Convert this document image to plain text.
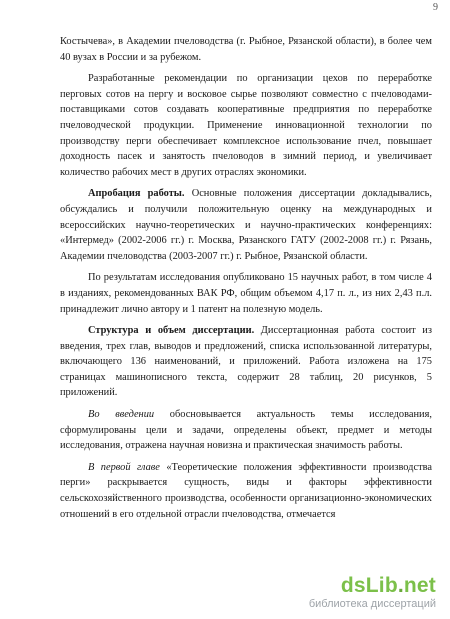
9

Костычева», в Академии пчеловодства (г. Рыбное, Рязанской области), в более чем 40 вузах в России и за рубежом.

Разработанные рекомендации по организации цехов по переработке перговых сотов на пергу и восковое сырье позволяют совместно с пчеловодами-поставщиками сотов создавать кооперативные предприятия по переработке пчеловодческой продукции. Применение инновационной технологии по производству перги обеспечивает комплексное использование пчел, повышает доходность пасек и занятость пчеловодов в зимний период, и увеличивает количество рабочих мест в других отраслях экономики.

Апробация работы. Основные положения диссертации докладывались, обсуждались и получили положительную оценку на международных и всероссийских научно-теоретических и научно-практических конференциях: «Интермед» (2002-2006 гг.) г. Москва, Рязанского ГАТУ (2002-2008 гг.) г. Рязань, Академии пчеловодства (2003-2007 гг.) г. Рыбное, Рязанской области.

По результатам исследования опубликовано 15 научных работ, в том числе 4 в изданиях, рекомендованных ВАК РФ, общим объемом 4,17 п. л., из них 2,43 п.л. принадлежит лично автору и 1 патент на полезную модель.

Структура и объем диссертации. Диссертационная работа состоит из введения, трех глав, выводов и предложений, списка использованной литературы, включающего 136 наименований, и приложений. Работа изложена на 175 страницах машинописного текста, содержит 28 таблиц, 20 рисунков, 5 приложений.

Во введении обосновывается актуальность темы исследования, сформулированы цели и задачи, определены объект, предмет и методы исследования, отражена научная новизна и практическая значимость работы.

В первой главе «Теоретические положения эффективности производства перги» раскрывается сущность, виды и факторы эффективности сельскохозяйственного производства, особенности организационно-экономических отношений в его отдельной отрасли пчеловодства, отмечается

dsLib.net
библиотека диссертаций
